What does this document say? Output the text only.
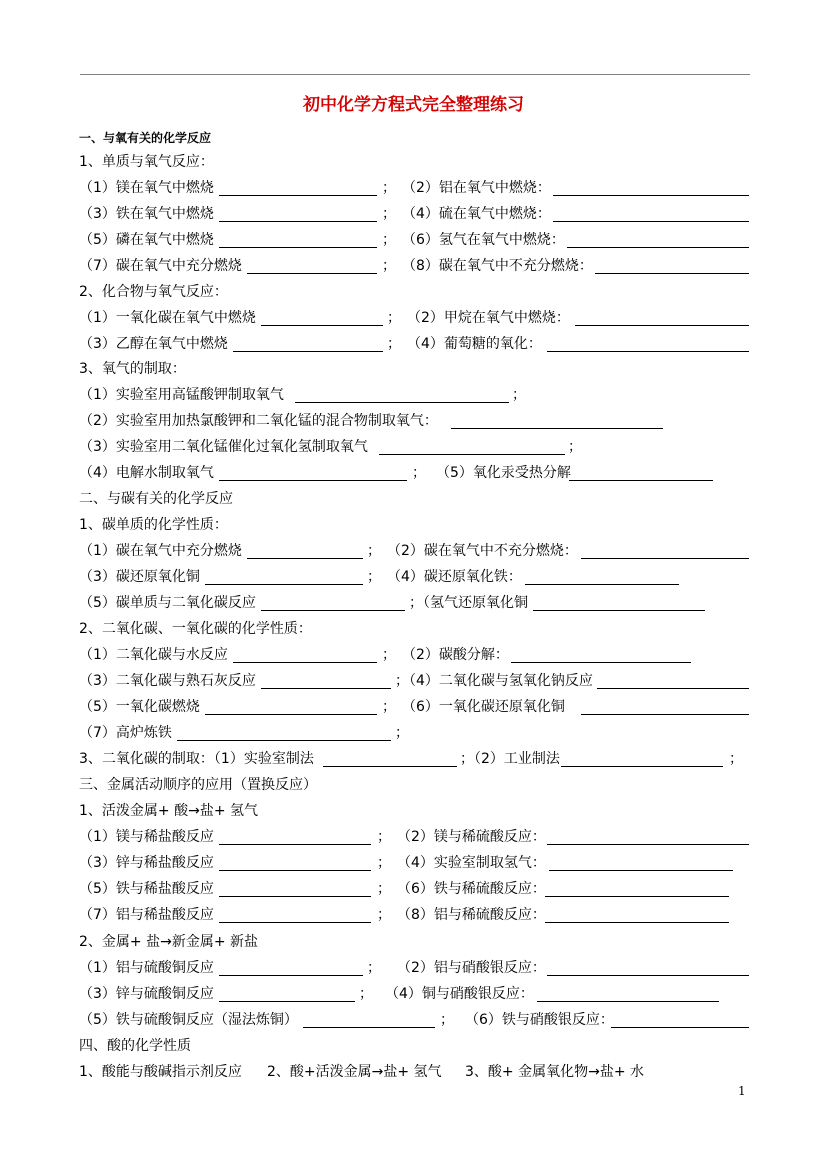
初中化学方程式完全整理练习
一、与氧有关的化学反应
1、单质与氧气反应：
（1）镁在氧气中燃烧	； （2）铝在氧气中燃烧：
（3）铁在氧气中燃烧	； （4）硫在氧气中燃烧：
（5）磷在氧气中燃烧	； （6）氢气在氧气中燃烧：
（7）碳在氧气中充分燃烧	； （8）碳在氧气中不充分燃烧：
2、化合物与氧气反应：
（1）一氧化碳在氧气中燃烧	； （2）甲烷在氧气中燃烧：
（3）乙醇在氧气中燃烧	； （4）葡萄糖的氧化：
3、氧气的制取：
（1）实验室用高锰酸钾制取氧气	；
（2）实验室用加热氯酸钾和二氧化锰的混合物制取氧气：
（3）实验室用二氧化锰催化过氧化氢制取氧气	；
（4）电解水制取氧气	； （5）氧化汞受热分解
二、与碳有关的化学反应
1、碳单质的化学性质：
（1）碳在氧气中充分燃烧	； （2）碳在氧气中不充分燃烧：
（3）碳还原氧化铜	； （4）碳还原氧化铁：
（5）碳单质与二氧化碳反应	；（氢气还原氧化铜
2、二氧化碳、一氧化碳的化学性质：
（1）二氧化碳与水反应	； （2）碳酸分解：
（3）二氧化碳与熟石灰反应	；（4）二氧化碳与氢氧化钠反应
（5）一氧化碳燃烧	； （6）一氧化碳还原氧化铜
（7）高炉炼铁	；
3、二氧化碳的制取：（1）实验室制法	；（2）工业制法	；
三、金属活动顺序的应用（置换反应）
1、活泼金属+ 酸→盐+ 氢气
（1）镁与稀盐酸反应	； （2）镁与稀硫酸反应：
（3）锌与稀盐酸反应	； （4）实验室制取氢气：
（5）铁与稀盐酸反应	； （6）铁与稀硫酸反应：
（7）铝与稀盐酸反应	； （8）铝与稀硫酸反应：
2、金属+ 盐→新金属+ 新盐
（1）铝与硫酸铜反应	； （2）铝与硝酸银反应：
（3）锌与硫酸铜反应	； （4）铜与硝酸银反应：
（5）铁与硫酸铜反应（湿法炼铜）	； （6）铁与硝酸银反应：
四、酸的化学性质
1、酸能与酸碱指示剂反应 2、酸+活泼金属→盐+ 氢气 3、酸+ 金属氧化物→盐+ 水
1
